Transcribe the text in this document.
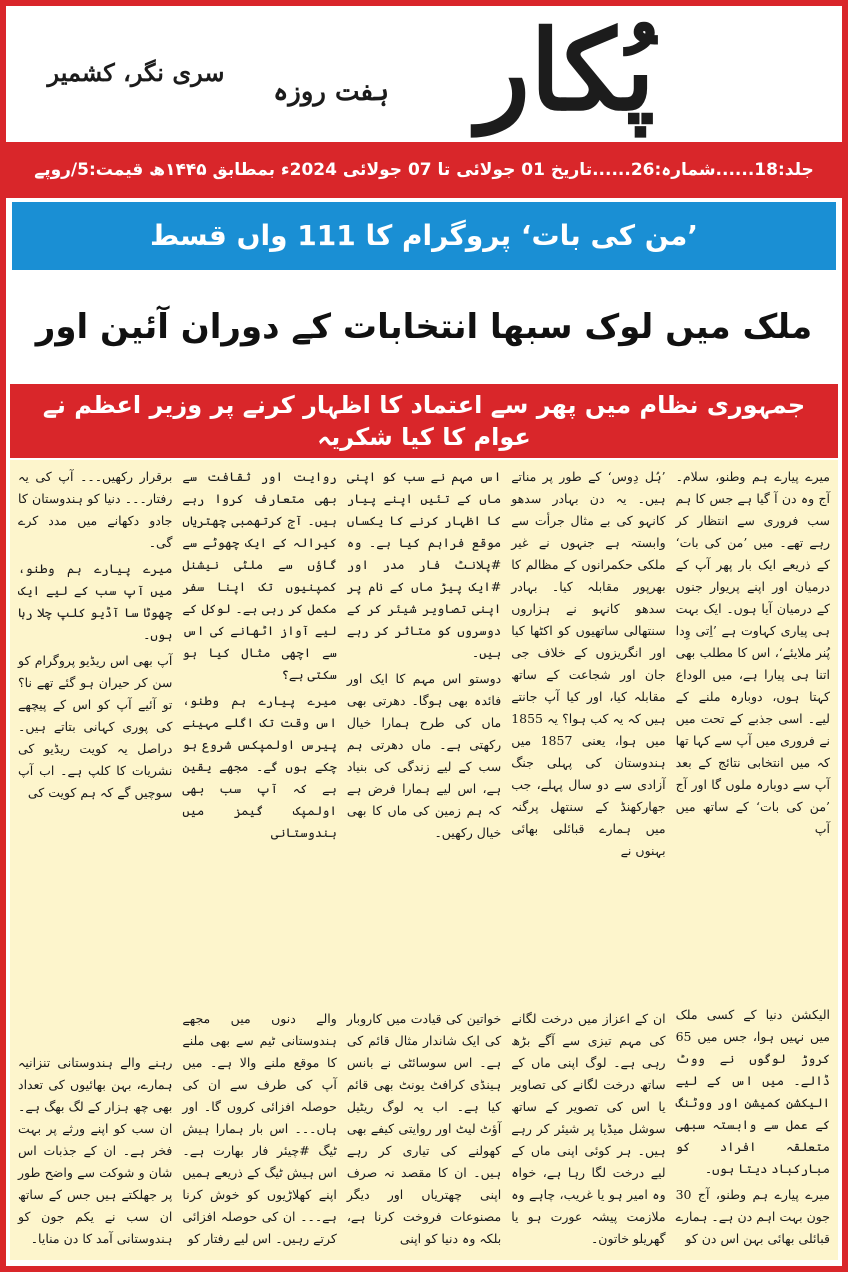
پُکار
ہفت روزہ
سری نگر، کشمیر
جلد:18......شمارہ:26......تاریخ 01 جولائی تا 07 جولائی 2024ء بمطابق ۱۴۴۵ھ قیمت:5/روپے
’من کی بات‘ پروگرام کا 111 واں قسط
ملک میں لوک سبھا انتخابات کے دوران آئین اور
جمہوری نظام میں پھر سے اعتماد کا اظہار کرنے پر وزیر اعظم نے عوام کا کیا شکریہ

میرے پیارے ہم وطنو، سلام۔ آج وہ دن آ گیا ہے جس کا ہم سب فروری سے انتظار کر رہے تھے۔ میں ’من کی بات‘ کے ذریعے ایک بار پھر آپ کے درمیان اور اپنے پریوار جنوں کے درمیان آیا ہوں۔ ایک بہت ہی پیاری کہاوت ہے ’اِتی وِدا پُنر ملایئے‘، اس کا مطلب بھی اتنا ہی پیارا ہے، میں الوداع کہتا ہوں، دوبارہ ملنے کے لیے۔ اسی جذبے کے تحت میں نے فروری میں آپ سے کہا تھا کہ میں انتخابی نتائج کے بعد آپ سے دوبارہ ملوں گا اور آج ’من کی بات‘ کے ساتھ میں آپ

الیکشن دنیا کے کسی ملک میں نہیں ہوا، جس میں 65 کروڑ لوگوں نے ووٹ ڈالے۔ میں اس کے لیے الیکشن کمیشن اور ووٹنگ کے عمل سے وابستہ سبھی متعلقہ افراد کو مبارکباد دیتا ہوں۔

میرے پیارے ہم وطنو، آج 30 جون بہت اہم دن ہے۔ ہمارے قبائلی بھائی بہن اس دن کو

’ہُل دِوس‘ کے طور پر مناتے ہیں۔ یہ دن بہادر سدھو کانہو کی بے مثال جرأت سے وابستہ ہے جنہوں نے غیر ملکی حکمرانوں کے مظالم کا بھرپور مقابلہ کیا۔ بہادر سدھو کانہو نے ہزاروں سنتھالی ساتھیوں کو اکٹھا کیا اور انگریزوں کے خلاف جی جان اور شجاعت کے ساتھ مقابلہ کیا، اور کیا آپ جانتے ہیں کہ یہ کب ہوا؟ یہ 1855 میں ہوا، یعنی 1857 میں ہندوستان کی پہلی جنگ آزادی سے دو سال پہلے، جب جھارکھنڈ کے سنتھل پرگنہ میں ہمارے قبائلی بھائی بہنوں نے

ان کے اعزاز میں درخت لگانے کی مہم تیزی سے آگے بڑھ رہی ہے۔ لوگ اپنی ماں کے ساتھ درخت لگانے کی تصاویر یا اس کی تصویر کے ساتھ سوشل میڈیا پر شیئر کر رہے ہیں۔ ہر کوئی اپنی ماں کے لیے درخت لگا رہا ہے، خواہ وہ امیر ہو یا غریب، چاہے وہ ملازمت پیشہ عورت ہو یا گھریلو خاتون۔

اس مہم نے سب کو اپنی ماں کے تئیں اپنے پیار کا اظہار کرنے کا یکساں موقع فراہم کیا ہے۔ وہ #پلانٹ فار مدر اور #ایک پیڑ ماں کے نام پر اپنی تصاویر شیئر کر کے دوسروں کو متاثر کر رہے ہیں۔

دوستو اس مہم کا ایک اور فائدہ بھی ہوگا۔ دھرتی بھی ماں کی طرح ہمارا خیال رکھتی ہے۔ ماں دھرتی ہم سب کے لیے زندگی کی بنیاد ہے، اس لیے ہمارا فرض ہے کہ ہم زمین کی ماں کا بھی خیال رکھیں۔

خواتین کی قیادت میں کاروبار کی ایک شاندار مثال قائم کی ہے۔ اس سوسائٹی نے بانس ہینڈی کرافٹ یونٹ بھی قائم کیا ہے۔ اب یہ لوگ ریٹیل آؤٹ لیٹ اور روایتی کیفے بھی کھولنے کی تیاری کر رہے ہیں۔ ان کا مقصد نہ صرف اپنی چھتریاں اور دیگر مصنوعات فروخت کرنا ہے، بلکہ وہ دنیا کو اپنی

روایت اور ثقافت سے بھی متعارف کروا رہے ہیں۔ آج کرتھمبی چھتریاں کیرالہ کے ایک چھوٹے سے گاؤں سے ملٹی نیشنل کمپنیوں تک اپنا سفر مکمل کر رہی ہے۔ لوکل کے لیے آواز اٹھانے کی اس سے اچھی مثال کیا ہو سکتی ہے؟

میرے پیارے ہم وطنو، اس وقت تک اگلے مہینے پیرس اولمپکس شروع ہو چکے ہوں گے۔ مجھے یقین ہے کہ آپ سب بھی اولمپک گیمز میں ہندوستانی

والے دنوں میں مجھے ہندوستانی ٹیم سے بھی ملنے کا موقع ملنے والا ہے۔ میں آپ کی طرف سے ان کی حوصلہ افزائی کروں گا۔ اور ہاں۔۔۔ اس بار ہمارا ہیش ٹیگ #چیئر فار بھارت ہے۔ اس ہیش ٹیگ کے ذریعے ہمیں اپنے کھلاڑیوں کو خوش کرنا ہے۔۔۔ ان کی حوصلہ افزائی کرتے رہیں۔ اس لیے رفتار کو

برقرار رکھیں۔۔۔ آپ کی یہ رفتار۔۔۔ دنیا کو ہندوستان کا جادو دکھانے میں مدد کرے گی۔

میرے پیارے ہم وطنو، میں آپ سب کے لیے ایک چھوٹا سا آڈیو کلپ چلا رہا ہوں۔

آپ بھی اس ریڈیو پروگرام کو سن کر حیران ہو گئے تھے نا؟ تو آئیے آپ کو اس کے پیچھے کی پوری کہانی بتاتے ہیں۔ دراصل یہ کویت ریڈیو کی نشریات کا کلپ ہے۔ اب آپ سوچیں گے کہ ہم کویت کی

رہنے والے ہندوستانی تنزانیہ ہمارے، بہن بھائیوں کی تعداد بھی چھ ہزار کے لگ بھگ ہے۔ ان سب کو اپنے ورثے پر بہت فخر ہے۔ ان کے جذبات اس شان و شوکت سے واضح طور پر جھلکتے ہیں جس کے ساتھ ان سب نے یکم جون کو ہندوستانی آمد کا دن منایا۔
